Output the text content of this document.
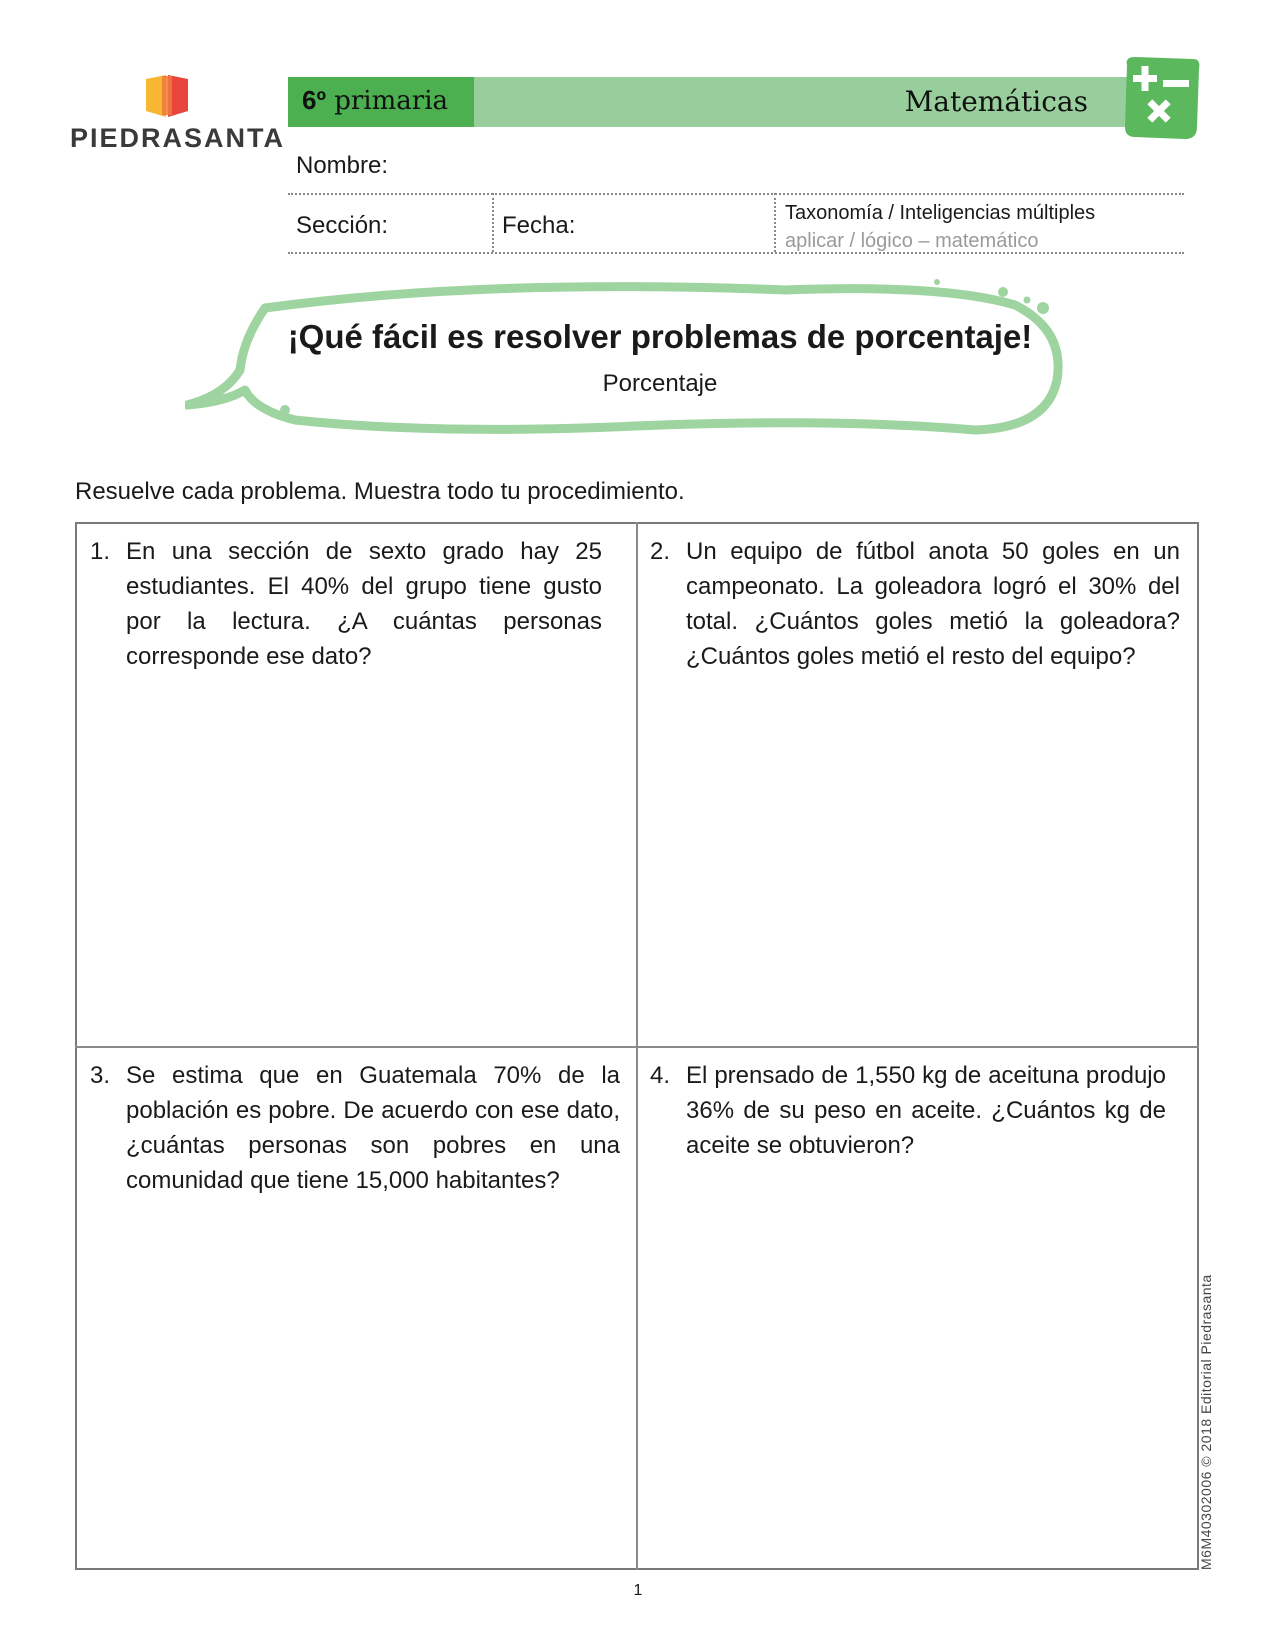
PIEDRASANTA
6º primaria	Matemáticas
Nombre:
Sección:	Fecha:	Taxonomía / Inteligencias múltiples
aplicar / lógico – matemático
¡Qué fácil es resolver problemas de porcentaje!
Porcentaje
Resuelve cada problema. Muestra todo tu procedimiento.
1. En una sección de sexto grado hay 25 estudiantes. El 40% del grupo tiene gusto por la lectura. ¿A cuántas personas corresponde ese dato?
2. Un equipo de fútbol anota 50 goles en un campeonato. La goleadora logró el 30% del total. ¿Cuántos goles metió la goleadora? ¿Cuántos goles metió el resto del equipo?
3. Se estima que en Guatemala 70% de la población es pobre. De acuerdo con ese dato, ¿cuántas personas son pobres en una comunidad que tiene 15,000 habitantes?
4. El prensado de 1,550 kg de aceituna produjo 36% de su peso en aceite. ¿Cuántos kg de aceite se obtuvieron?
M6M40302006 © 2018 Editorial Piedrasanta
1
